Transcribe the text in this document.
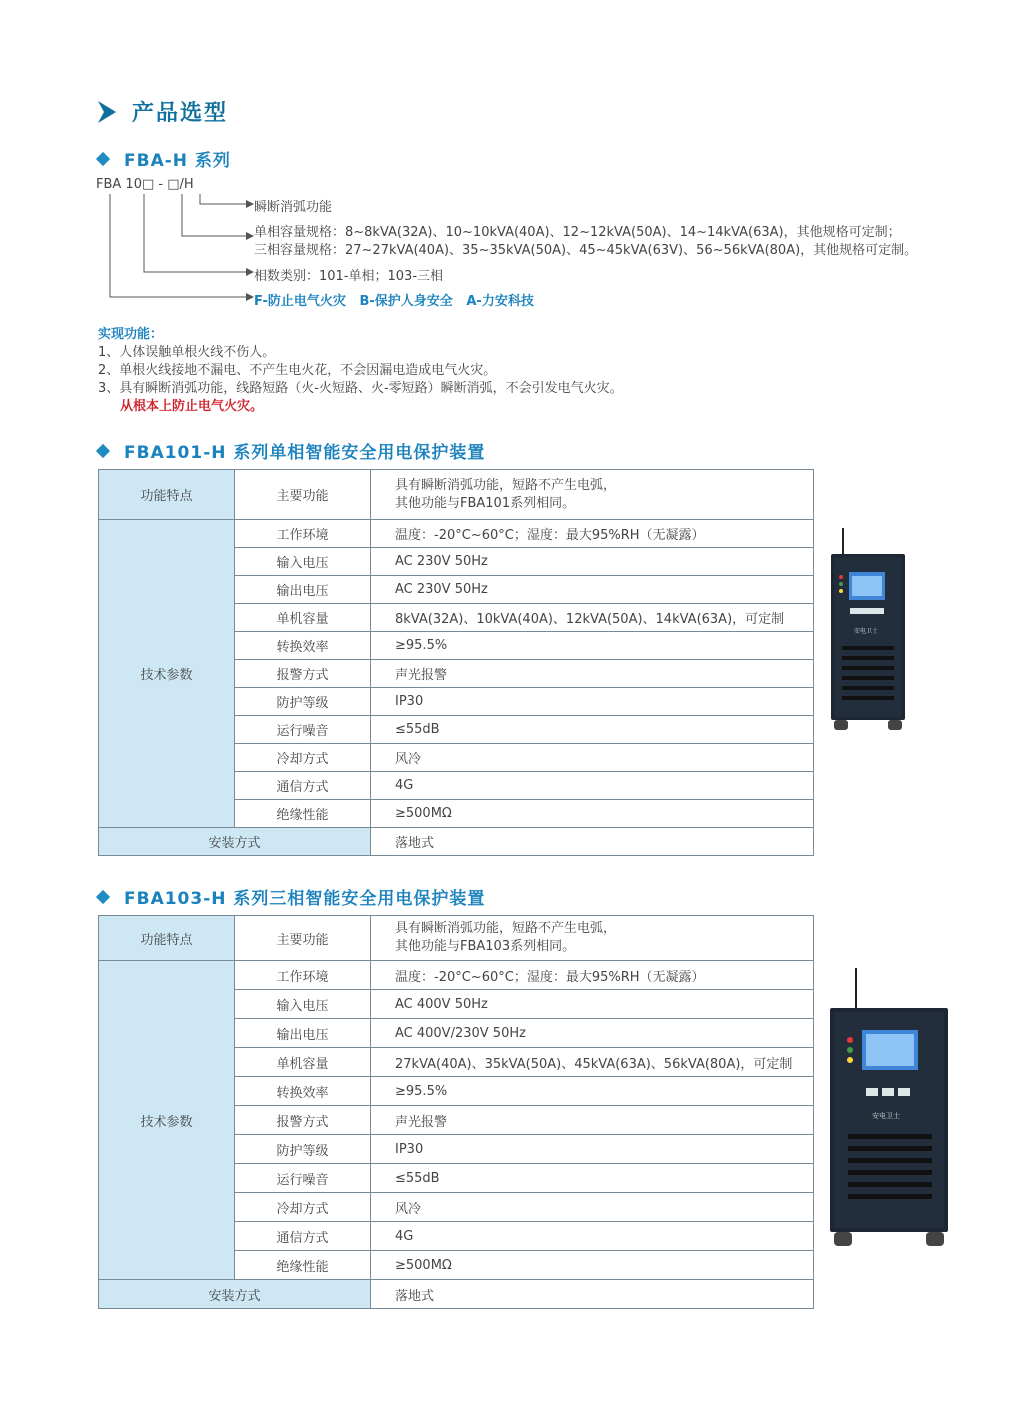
产品选型
FBA-H 系列
FBA 10□ - □/H
瞬断消弧功能
单相容量规格：8~8kVA(32A)、10~10kVA(40A)、12~12kVA(50A)、14~14kVA(63A)，其他规格可定制；
三相容量规格：27~27kVA(40A)、35~35kVA(50A)、45~45kVA(63V)、56~56kVA(80A)，其他规格可定制。
相数类别：101-单相；103-三相
F-防止电气火灾 B-保护人身安全 A-力安科技
实现功能：
1、人体误触单根火线不伤人。
2、单根火线接地不漏电、不产生电火花，不会因漏电造成电气火灾。
3、具有瞬断消弧功能，线路短路（火-火短路、火-零短路）瞬断消弧，不会引发电气火灾。
从根本上防止电气火灾。
FBA101-H 系列单相智能安全用电保护装置
功能特点	主要功能	具有瞬断消弧功能，短路不产生电弧，
其他功能与FBA101系列相同。

技术参数	工作环境	温度：-20°C~60°C；湿度：最大95%RH（无凝露）
	输入电压	AC 230V 50Hz
	输出电压	AC 230V 50Hz
	单机容量	8kVA(32A)、10kVA(40A)、12kVA(50A)、14kVA(63A)，可定制
	转换效率	≥95.5%
	报警方式	声光报警
	防护等级	IP30
	运行噪音	≤55dB
	冷却方式	风冷
	通信方式	4G
	绝缘性能	≥500MΩ
安装方式		落地式
安电卫士
FBA103-H 系列三相智能安全用电保护装置
功能特点	主要功能	具有瞬断消弧功能，短路不产生电弧，
其他功能与FBA103系列相同。

技术参数	工作环境	温度：-20°C~60°C；湿度：最大95%RH（无凝露）
	输入电压	AC 400V 50Hz
	输出电压	AC 400V/230V 50Hz
	单机容量	27kVA(40A)、35kVA(50A)、45kVA(63A)、56kVA(80A)，可定制
	转换效率	≥95.5%
	报警方式	声光报警
	防护等级	IP30
	运行噪音	≤55dB
	冷却方式	风冷
	通信方式	4G
	绝缘性能	≥500MΩ
安装方式		落地式
安电卫士
